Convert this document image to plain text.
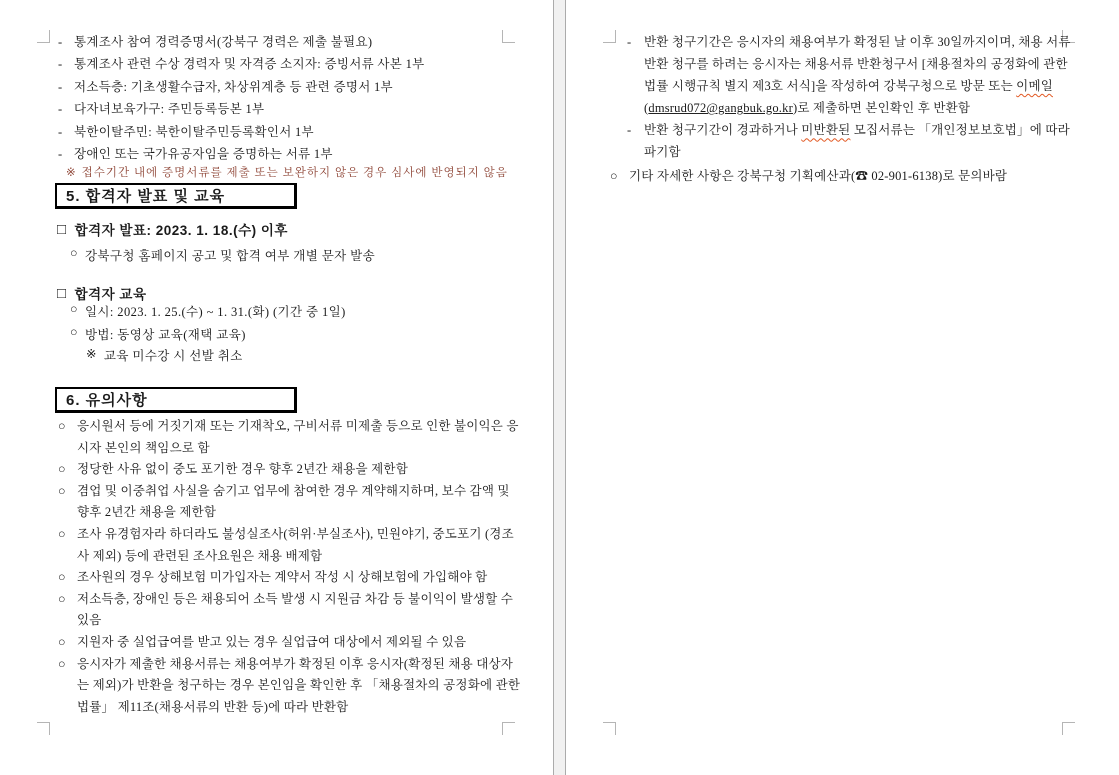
- 통계조사 참여 경력증명서(강북구 경력은 제출 불필요)
- 통계조사 관련 수상 경력자 및 자격증 소지자: 증빙서류 사본 1부
- 저소득층: 기초생활수급자, 차상위계층 등 관련 증명서 1부
- 다자녀보육가구: 주민등록등본 1부
- 북한이탈주민: 북한이탈주민등록확인서 1부
- 장애인 또는 국가유공자임을 증명하는 서류 1부
※ 접수기간 내에 증명서류를 제출 또는 보완하지 않은 경우 심사에 반영되지 않음
5. 합격자 발표 및 교육
□ 합격자 발표: 2023. 1. 18.(수) 이후
○ 강북구청 홈페이지 공고 및 합격 여부 개별 문자 발송
□ 합격자 교육
○ 일시: 2023. 1. 25.(수) ~ 1. 31.(화) (기간 중 1일)
○ 방법: 동영상 교육(재택 교육)
※ 교육 미수강 시 선발 취소
6. 유의사항
○ 응시원서 등에 거짓기재 또는 기재착오, 구비서류 미제출 등으로 인한 불이익은 응시자 본인의 책임으로 함
○ 정당한 사유 없이 중도 포기한 경우 향후 2년간 채용을 제한함
○ 겸업 및 이중취업 사실을 숨기고 업무에 참여한 경우 계약해지하며, 보수 감액 및 향후 2년간 채용을 제한함
○ 조사 유경험자라 하더라도 불성실조사(허위·부실조사), 민원야기, 중도포기 (경조사 제외) 등에 관련된 조사요원은 채용 배제함
○ 조사원의 경우 상해보험 미가입자는 계약서 작성 시 상해보험에 가입해야 함
○ 저소득층, 장애인 등은 채용되어 소득 발생 시 지원금 차감 등 불이익이 발생할 수 있음
○ 지원자 중 실업급여를 받고 있는 경우 실업급여 대상에서 제외될 수 있음
○ 응시자가 제출한 채용서류는 채용여부가 확정된 이후 응시자(확정된 채용 대상자는 제외)가 반환을 청구하는 경우 본인임을 확인한 후 「채용절차의 공정화에 관한 법률」 제11조(채용서류의 반환 등)에 따라 반환함
-	반환 청구기간은 응시자의 채용여부가 확정된 날 이후 30일까지이며, 채용 서류 반환 청구를 하려는 응시자는 채용서류 반환청구서 [채용절차의 공정화에 관한 법률 시행규칙 별지 제3호 서식]을 작성하여 강북구청으로 방문 또는 이메일(dmsrud072@gangbuk.go.kr)로 제출하면 본인확인 후 반환함
-	반환 청구기간이 경과하거나 미반환된 모집서류는 「개인정보보호법」에 따라 파기함
○ 기타 자세한 사항은 강북구청 기획예산과(☎ 02-901-6138)로 문의바람
